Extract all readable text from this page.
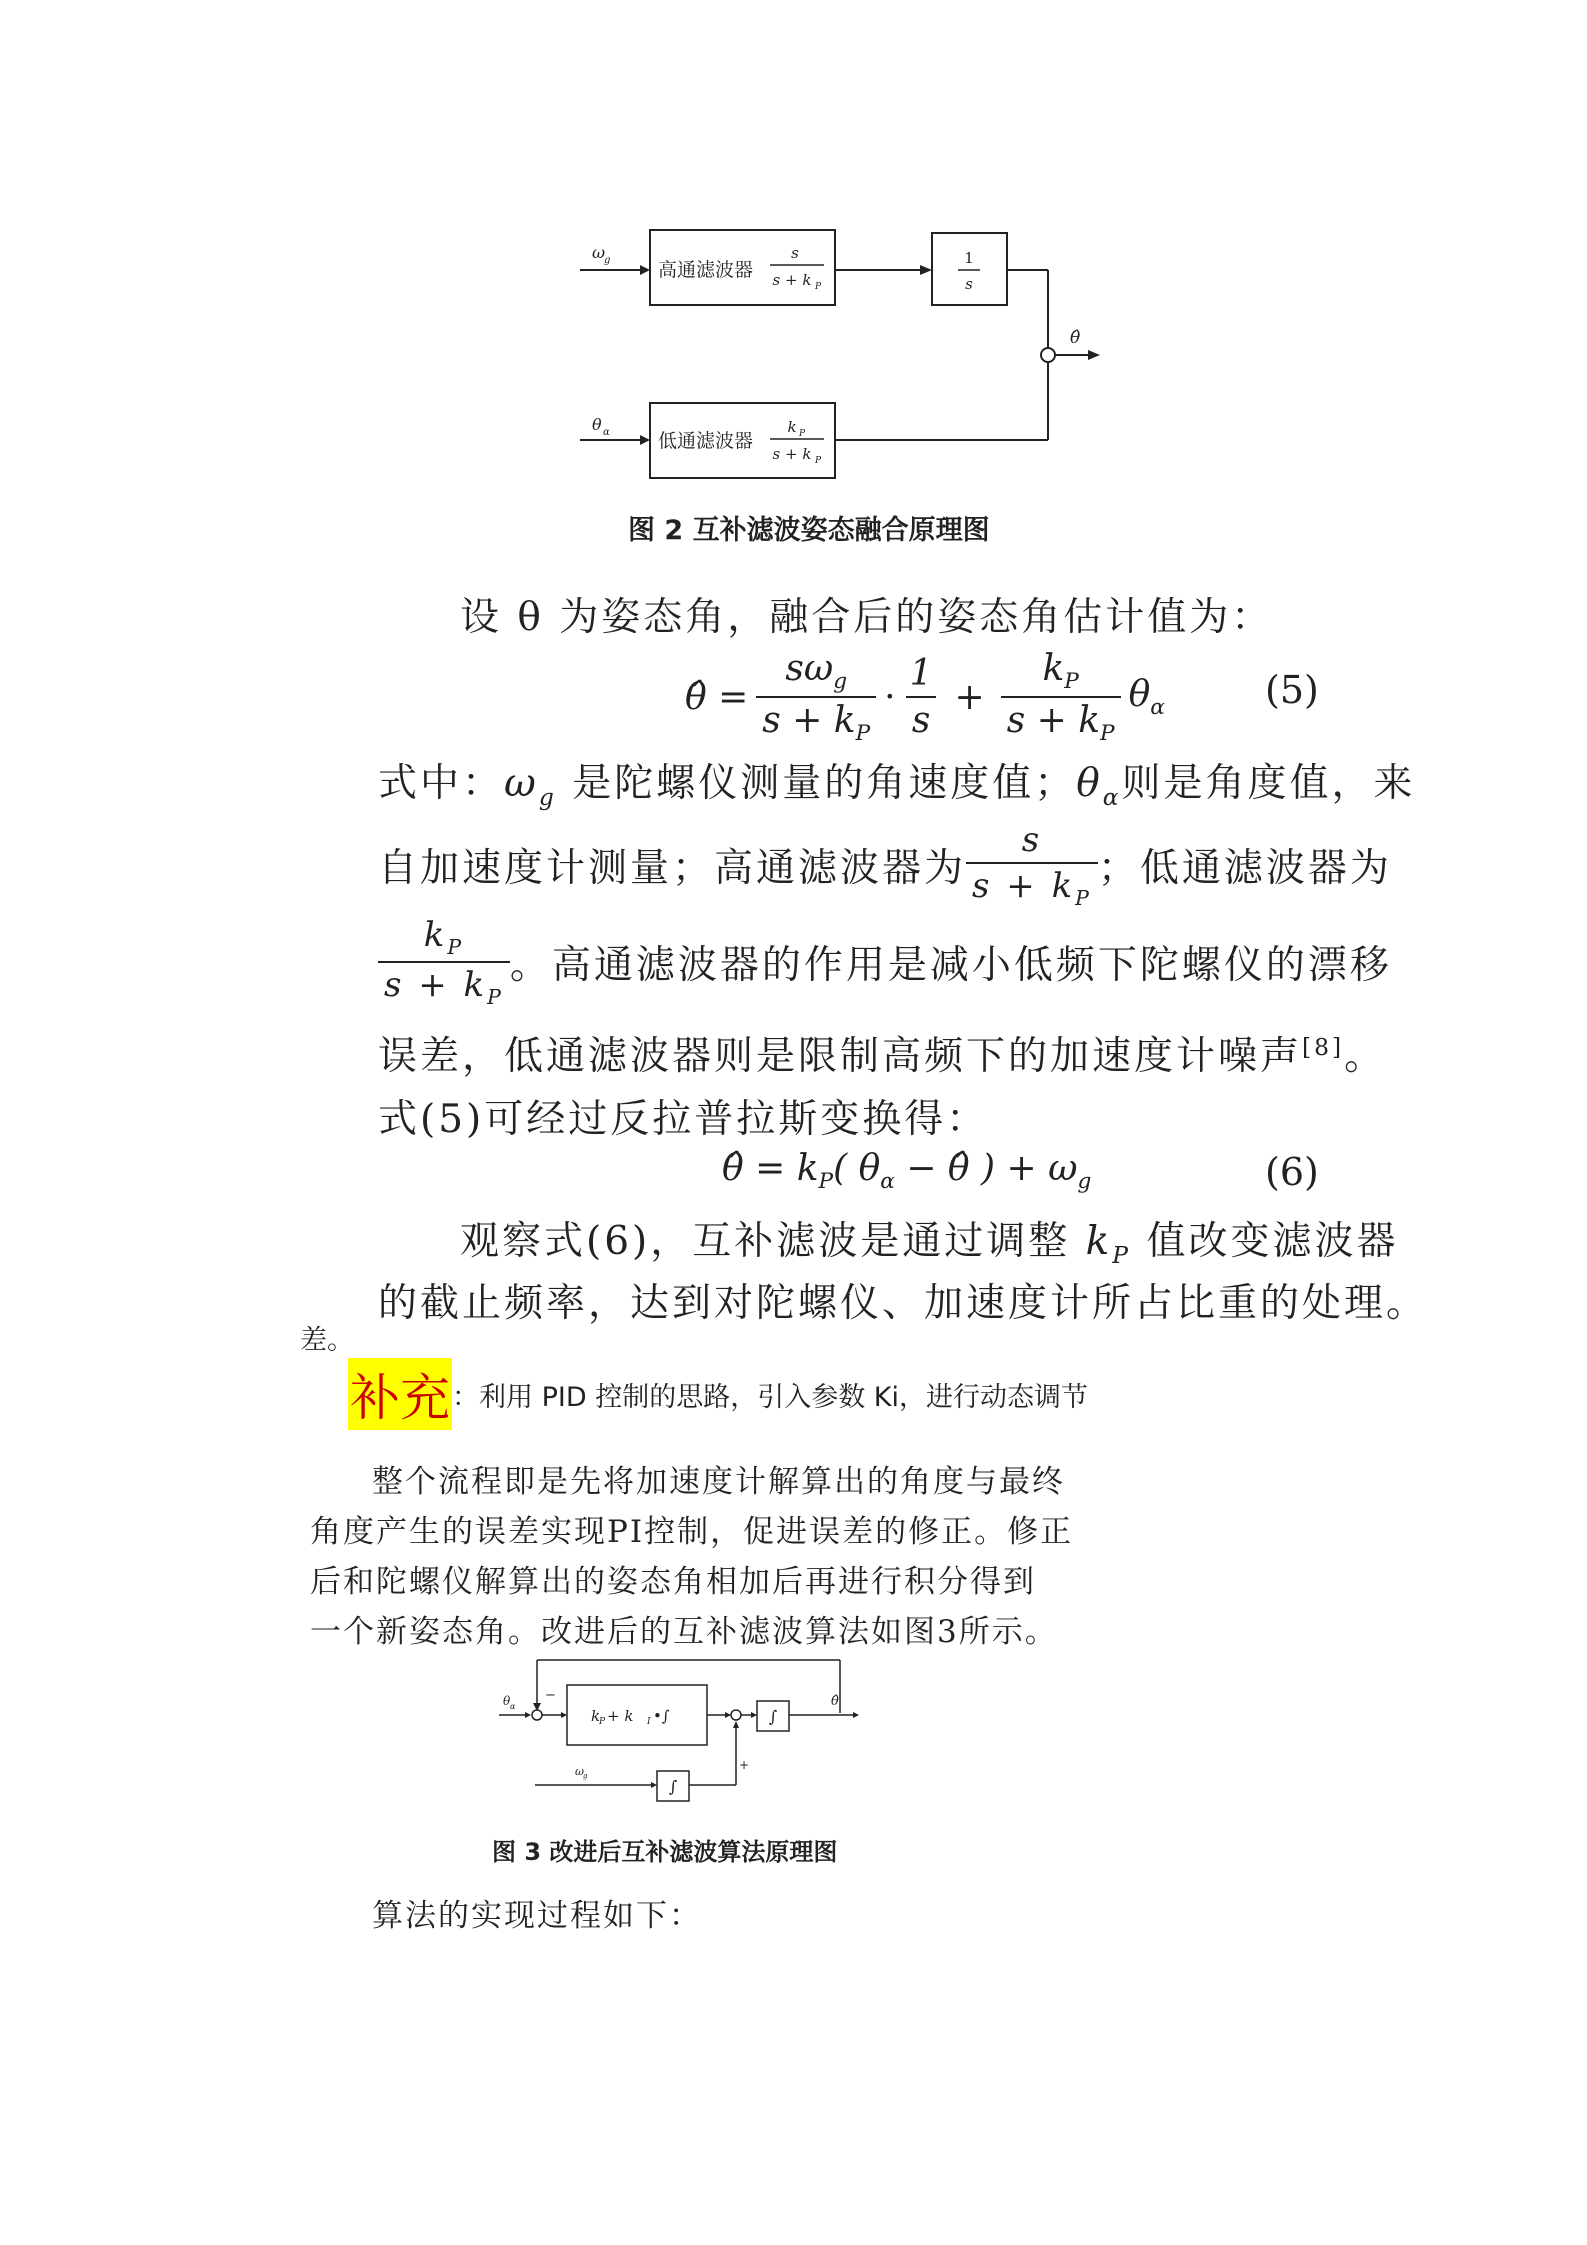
ω
g	高通滤波器
s
s + k P
1
s
θ̂
θ α	低通滤波器
k P
s + k P
图 2 互补滤波姿态融合原理图
设 θ 为姿态角，融合后的姿态角估计值为：
θ̂ = $\frac{s\omega_g}{s + k_P} \cdot \frac{1}{s} + \frac{k_P}{s + k_P} \theta_\alpha$	(5)
式中：$\omega_g$ 是陀螺仪测量的角速度值；$\theta_\alpha$则是角度值，来
自加速度计测量；高通滤波器为 $\frac{s}{s + k_P}$ ；低通滤波器为
$\frac{k_P}{s + k_P}$ 。高通滤波器的作用是减小低频下陀螺仪的漂移
误差，低通滤波器则是限制高频下的加速度计噪声[8]。
式(5)可经过反拉普拉斯变换得：
θ̂ = $k_P$( $\theta_\alpha$ − θ̂ ) + $\omega_g$	(6)
观察式(6)，互补滤波是通过调整 $k_P$ 值改变滤波器
的截止频率，达到对陀螺仪、加速度计所占比重的处理。
差。
补充 ：利用 PID 控制的思路，引入参数 Ki，进行动态调节
整个流程即是先将加速度计解算出的角度与最终
角度产生的误差实现PI控制，促进误差的修正。修正
后和陀螺仪解算出的姿态角相加后再进行积分得到
一个新姿态角。改进后的互补滤波算法如图3所示。
θ α
−
k
P + k I •∫	∫
θ̂
ω g
∫
+
图 3 改进后互补滤波算法原理图
算法的实现过程如下：
